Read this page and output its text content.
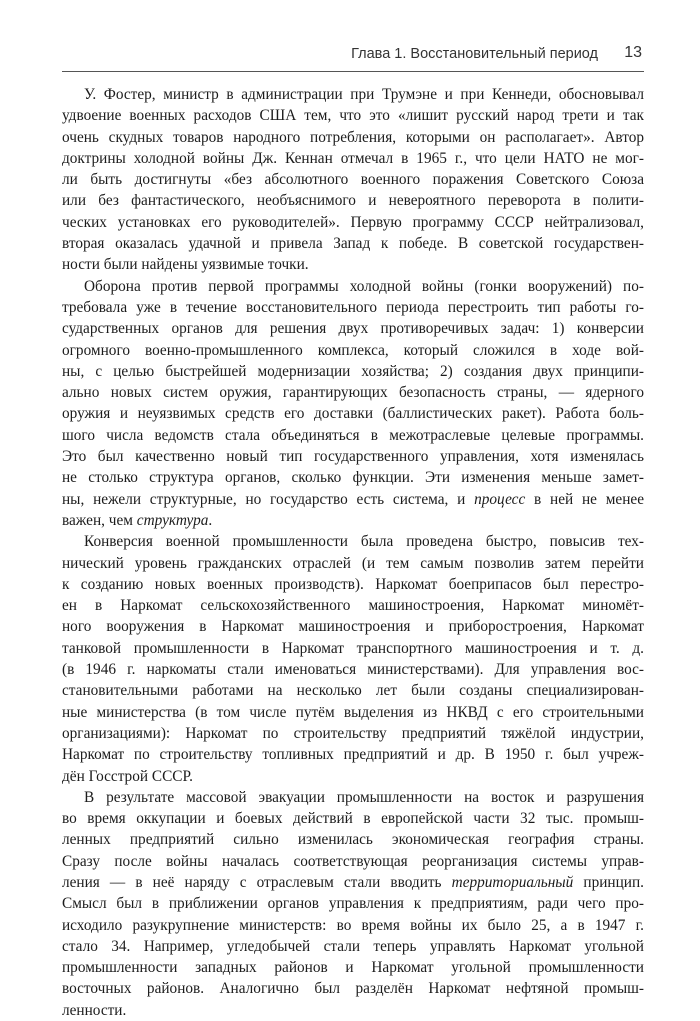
Глава 1. Восстановительный период 13

У. Фостер, министр в администрации при Трумэне и при Кеннеди, обосновывал
удвоение военных расходов США тем, что это «лишит русский народ трети и так
очень скудных товаров народного потребления, которыми он располагает». Автор
доктрины холодной войны Дж. Кеннан отмечал в 1965 г., что цели НАТО не мог-
ли быть достигнуты «без абсолютного военного поражения Советского Союза
или без фантастического, необъяснимого и невероятного переворота в полити-
ческих установках его руководителей». Первую программу СССР нейтрализовал,
вторая оказалась удачной и привела Запад к победе. В советской государствен-
ности были найдены уязвимые точки.

Оборона против первой программы холодной войны (гонки вооружений) по-
требовала уже в течение восстановительного периода перестроить тип работы го-
сударственных органов для решения двух противоречивых задач: 1) конверсии
огромного военно-промышленного комплекса, который сложился в ходе вой-
ны, с целью быстрейшей модернизации хозяйства; 2) создания двух принципи-
ально новых систем оружия, гарантирующих безопасность страны, — ядерного
оружия и неуязвимых средств его доставки (баллистических ракет). Работа боль-
шого числа ведомств стала объединяться в межотраслевые целевые программы.
Это был качественно новый тип государственного управления, хотя изменялась
не столько структура органов, сколько функции. Эти изменения меньше замет-
ны, нежели структурные, но государство есть система, и процесс в ней не менее
важен, чем структура.

Конверсия военной промышленности была проведена быстро, повысив тех-
нический уровень гражданских отраслей (и тем самым позволив затем перейти
к созданию новых военных производств). Наркомат боеприпасов был перестро-
ен в Наркомат сельскохозяйственного машиностроения, Наркомат миномёт-
ного вооружения в Наркомат машиностроения и приборостроения, Наркомат
танковой промышленности в Наркомат транспортного машиностроения и т. д.
(в 1946 г. наркоматы стали именоваться министерствами). Для управления вос-
становительными работами на несколько лет были созданы специализирован-
ные министерства (в том числе путём выделения из НКВД с его строительными
организациями): Наркомат по строительству предприятий тяжёлой индустрии,
Наркомат по строительству топливных предприятий и др. В 1950 г. был учреж-
дён Госстрой СССР.

В результате массовой эвакуации промышленности на восток и разрушения
во время оккупации и боевых действий в европейской части 32 тыс. промыш-
ленных предприятий сильно изменилась экономическая география страны.
Сразу после войны началась соответствующая реорганизация системы управ-
ления — в неё наряду с отраслевым стали вводить территориальный принцип.
Смысл был в приближении органов управления к предприятиям, ради чего про-
исходило разукрупнение министерств: во время войны их было 25, а в 1947 г.
стало 34. Например, угледобычей стали теперь управлять Наркомат угольной
промышленности западных районов и Наркомат угольной промышленности
восточных районов. Аналогично был разделён Наркомат нефтяной промыш-
ленности.
